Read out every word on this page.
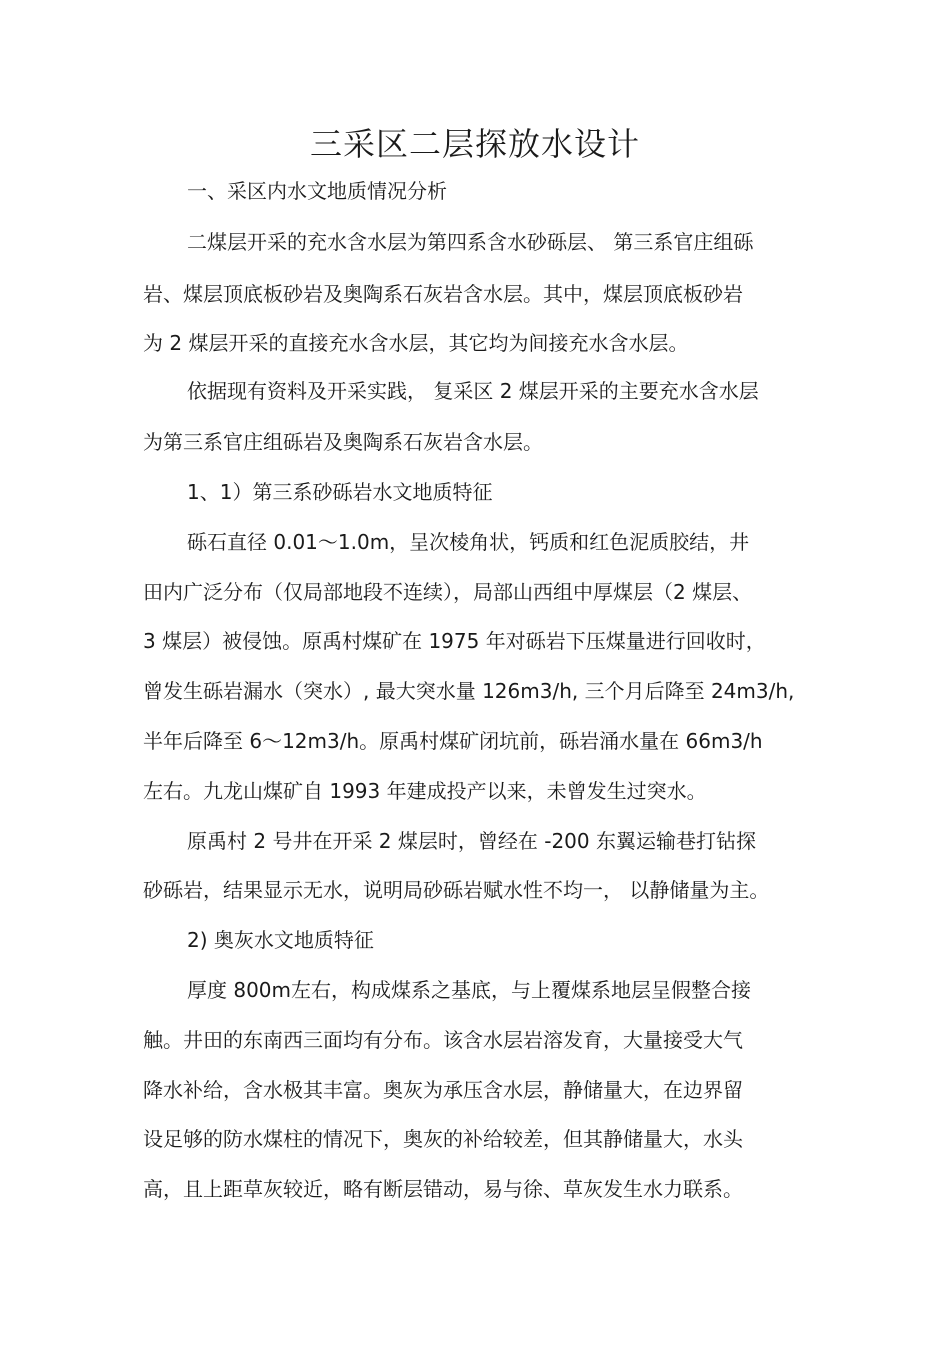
三采区二层探放水设计
一、采区内水文地质情况分析
二煤层开采的充水含水层为第四系含水砂砾层、 第三系官庄组砾
岩、煤层顶底板砂岩及奥陶系石灰岩含水层。其中，煤层顶底板砂岩
为 2 煤层开采的直接充水含水层，其它均为间接充水含水层。
依据现有资料及开采实践， 复采区 2 煤层开采的主要充水含水层
为第三系官庄组砾岩及奥陶系石灰岩含水层。
1、1）第三系砂砾岩水文地质特征
砾石直径 0.01～1.0m，呈次棱角状，钙质和红色泥质胶结，井
田内广泛分布（仅局部地段不连续），局部山西组中厚煤层（2 煤层、
3 煤层）被侵蚀。原禹村煤矿在 1975 年对砾岩下压煤量进行回收时，
曾发生砾岩漏水（突水）, 最大突水量 126m3/h, 三个月后降至 24m3/h,
半年后降至 6～12m3/h。原禹村煤矿闭坑前，砾岩涌水量在 66m3/h
左右。九龙山煤矿自 1993 年建成投产以来，未曾发生过突水。
原禹村 2 号井在开采 2 煤层时，曾经在 -200 东翼运输巷打钻探
砂砾岩，结果显示无水，说明局砂砾岩赋水性不均一， 以静储量为主。
2) 奥灰水文地质特征
厚度 800m左右，构成煤系之基底，与上覆煤系地层呈假整合接
触。井田的东南西三面均有分布。该含水层岩溶发育，大量接受大气
降水补给，含水极其丰富。奥灰为承压含水层，静储量大，在边界留
设足够的防水煤柱的情况下，奥灰的补给较差，但其静储量大，水头
高，且上距草灰较近，略有断层错动，易与徐、草灰发生水力联系。
